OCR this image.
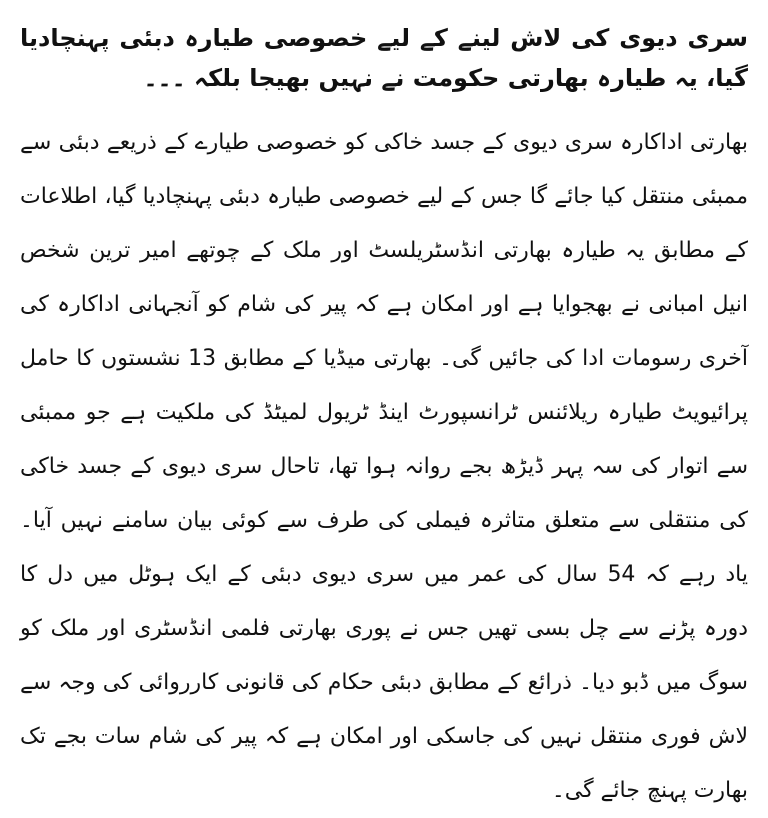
سری دیوی کی لاش لینے کے لیے خصوصی طیارہ دبئی پہنچادیا گیا، یہ طیارہ بھارتی حکومت نے نہیں بھیجا بلکہ ۔۔۔

بھارتی اداکارہ سری دیوی کے جسد خاکی کو خصوصی طیارے کے ذریعے دبئی سے ممبئی منتقل کیا جائے گا جس کے لیے خصوصی طیارہ دبئی پہنچادیا گیا، اطلاعات کے مطابق یہ طیارہ بھارتی انڈسٹریلسٹ اور ملک کے چوتھے امیر ترین شخص انیل امبانی نے بھجوایا ہے اور امکان ہے کہ پیر کی شام کو آنجہانی اداکارہ کی آخری رسومات ادا کی جائیں گی۔ بھارتی میڈیا کے مطابق 13 نشستوں کا حامل پرائیویٹ طیارہ ریلائنس ٹرانسپورٹ اینڈ ٹریول لمیٹڈ کی ملکیت ہے جو ممبئی سے اتوار کی سہ پہر ڈیڑھ بجے روانہ ہوا تھا، تاحال سری دیوی کے جسد خاکی کی منتقلی سے متعلق متاثرہ فیملی کی طرف سے کوئی بیان سامنے نہیں آیا۔ یاد رہے کہ 54 سال کی عمر میں سری دیوی دبئی کے ایک ہوٹل میں دل کا دورہ پڑنے سے چل بسی تھیں جس نے پوری بھارتی فلمی انڈسٹری اور ملک کو سوگ میں ڈبو دیا۔ ذرائع کے مطابق دبئی حکام کی قانونی کارروائی کی وجہ سے لاش فوری منتقل نہیں کی جاسکی اور امکان ہے کہ پیر کی شام سات بجے تک بھارت پہنچ جائے گی۔
